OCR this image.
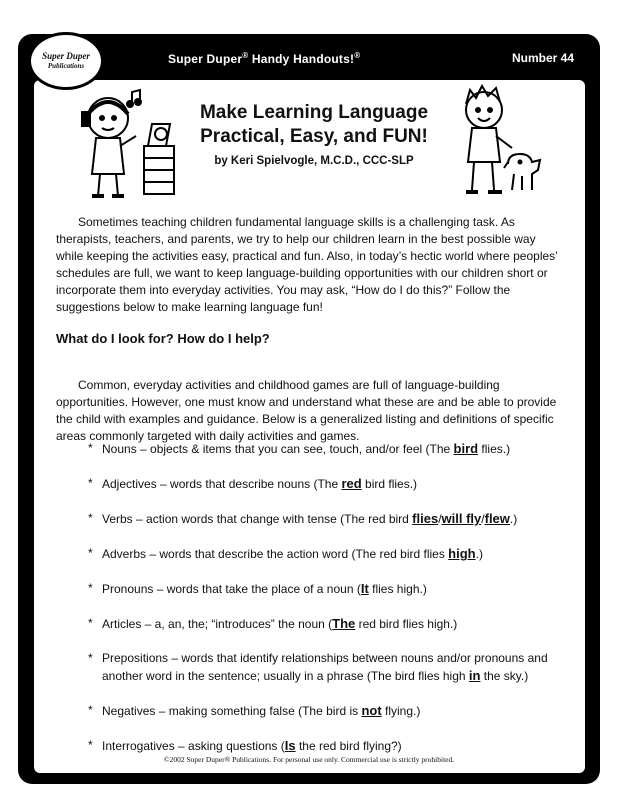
Super Duper
Publications	Super Duper® Handy Handouts!®	Number 44
Make Learning Language
Practical, Easy, and FUN!
by Keri Spielvogle, M.C.D., CCC-SLP

Sometimes teaching children fundamental language skills is a challenging task. As therapists, teachers, and parents, we try to help our children learn in the best possible way while keeping the activities easy, practical and fun. Also, in today’s hectic world where peoples’ schedules are full, we want to keep language-building opportunities with our children short or incorporate them into everyday activities. You may ask, “How do I do this?” Follow the suggestions below to make learning language fun!

What do I look for? How do I help?

Common, everyday activities and childhood games are full of language-building opportunities. However, one must know and understand what these are and be able to provide the child with examples and guidance. Below is a generalized listing and definitions of specific areas commonly targeted with daily activities and games.

* Nouns – objects & items that you can see, touch, and/or feel (The bird flies.)
* Adjectives – words that describe nouns (The red bird flies.)
* Verbs – action words that change with tense (The red bird flies/will fly/flew.)
* Adverbs – words that describe the action word (The red bird flies high.)
* Pronouns – words that take the place of a noun (It flies high.)
* Articles – a, an, the; “introduces” the noun (The red bird flies high.)
* Prepositions – words that identify relationships between nouns and/or pronouns and another word in the sentence; usually in a phrase (The bird flies high in the sky.)
* Negatives – making something false (The bird is not flying.)
* Interrogatives – asking questions (Is the red bird flying?)
©2002 Super Duper® Publications. For personal use only. Commercial use is strictly prohibited.
